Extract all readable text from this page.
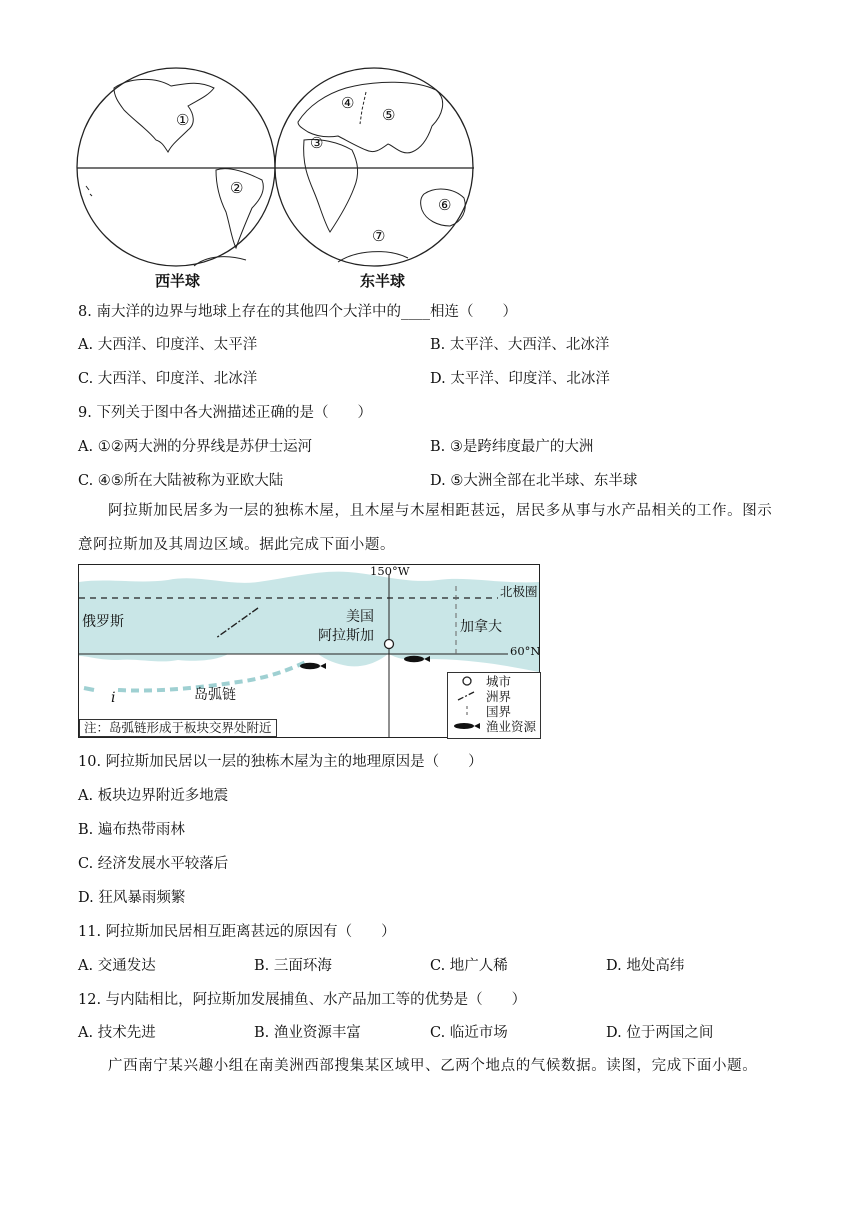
①
②
③
④
⑤
⑥
⑦
西半球	东半球
8. 南大洋的边界与地球上存在的其他四个大洋中的____相连（　　）
A. 大西洋、印度洋、太平洋	B. 太平洋、大西洋、北冰洋
C. 大西洋、印度洋、北冰洋	D. 太平洋、印度洋、北冰洋
9. 下列关于图中各大洲描述正确的是（　　）
A. ①②两大洲的分界线是苏伊士运河	B. ③是跨纬度最广的大洲
C. ④⑤所在大陆被称为亚欧大陆	D. ⑤大洲全部在北半球、东半球
阿拉斯加民居多为一层的独栋木屋，且木屋与木屋相距甚远，居民多从事与水产品相关的工作。图示意阿拉斯加及其周边区域。据此完成下面小题。
150°W
北极圈
60°N
俄罗斯	美国
阿拉斯加
加拿大
岛弧链
注：岛弧链形成于板块交界处附近
城市
洲界
国界
渔业资源
i
10. 阿拉斯加民居以一层的独栋木屋为主的地理原因是（　　）
A. 板块边界附近多地震
B. 遍布热带雨林
C. 经济发展水平较落后
D. 狂风暴雨频繁
11. 阿拉斯加民居相互距离甚远的原因有（　　）
A. 交通发达	B. 三面环海	C. 地广人稀	D. 地处高纬
12. 与内陆相比，阿拉斯加发展捕鱼、水产品加工等的优势是（　　）
A. 技术先进	B. 渔业资源丰富	C. 临近市场	D. 位于两国之间
广西南宁某兴趣小组在南美洲西部搜集某区域甲、乙两个地点的气候数据。读图，完成下面小题。
